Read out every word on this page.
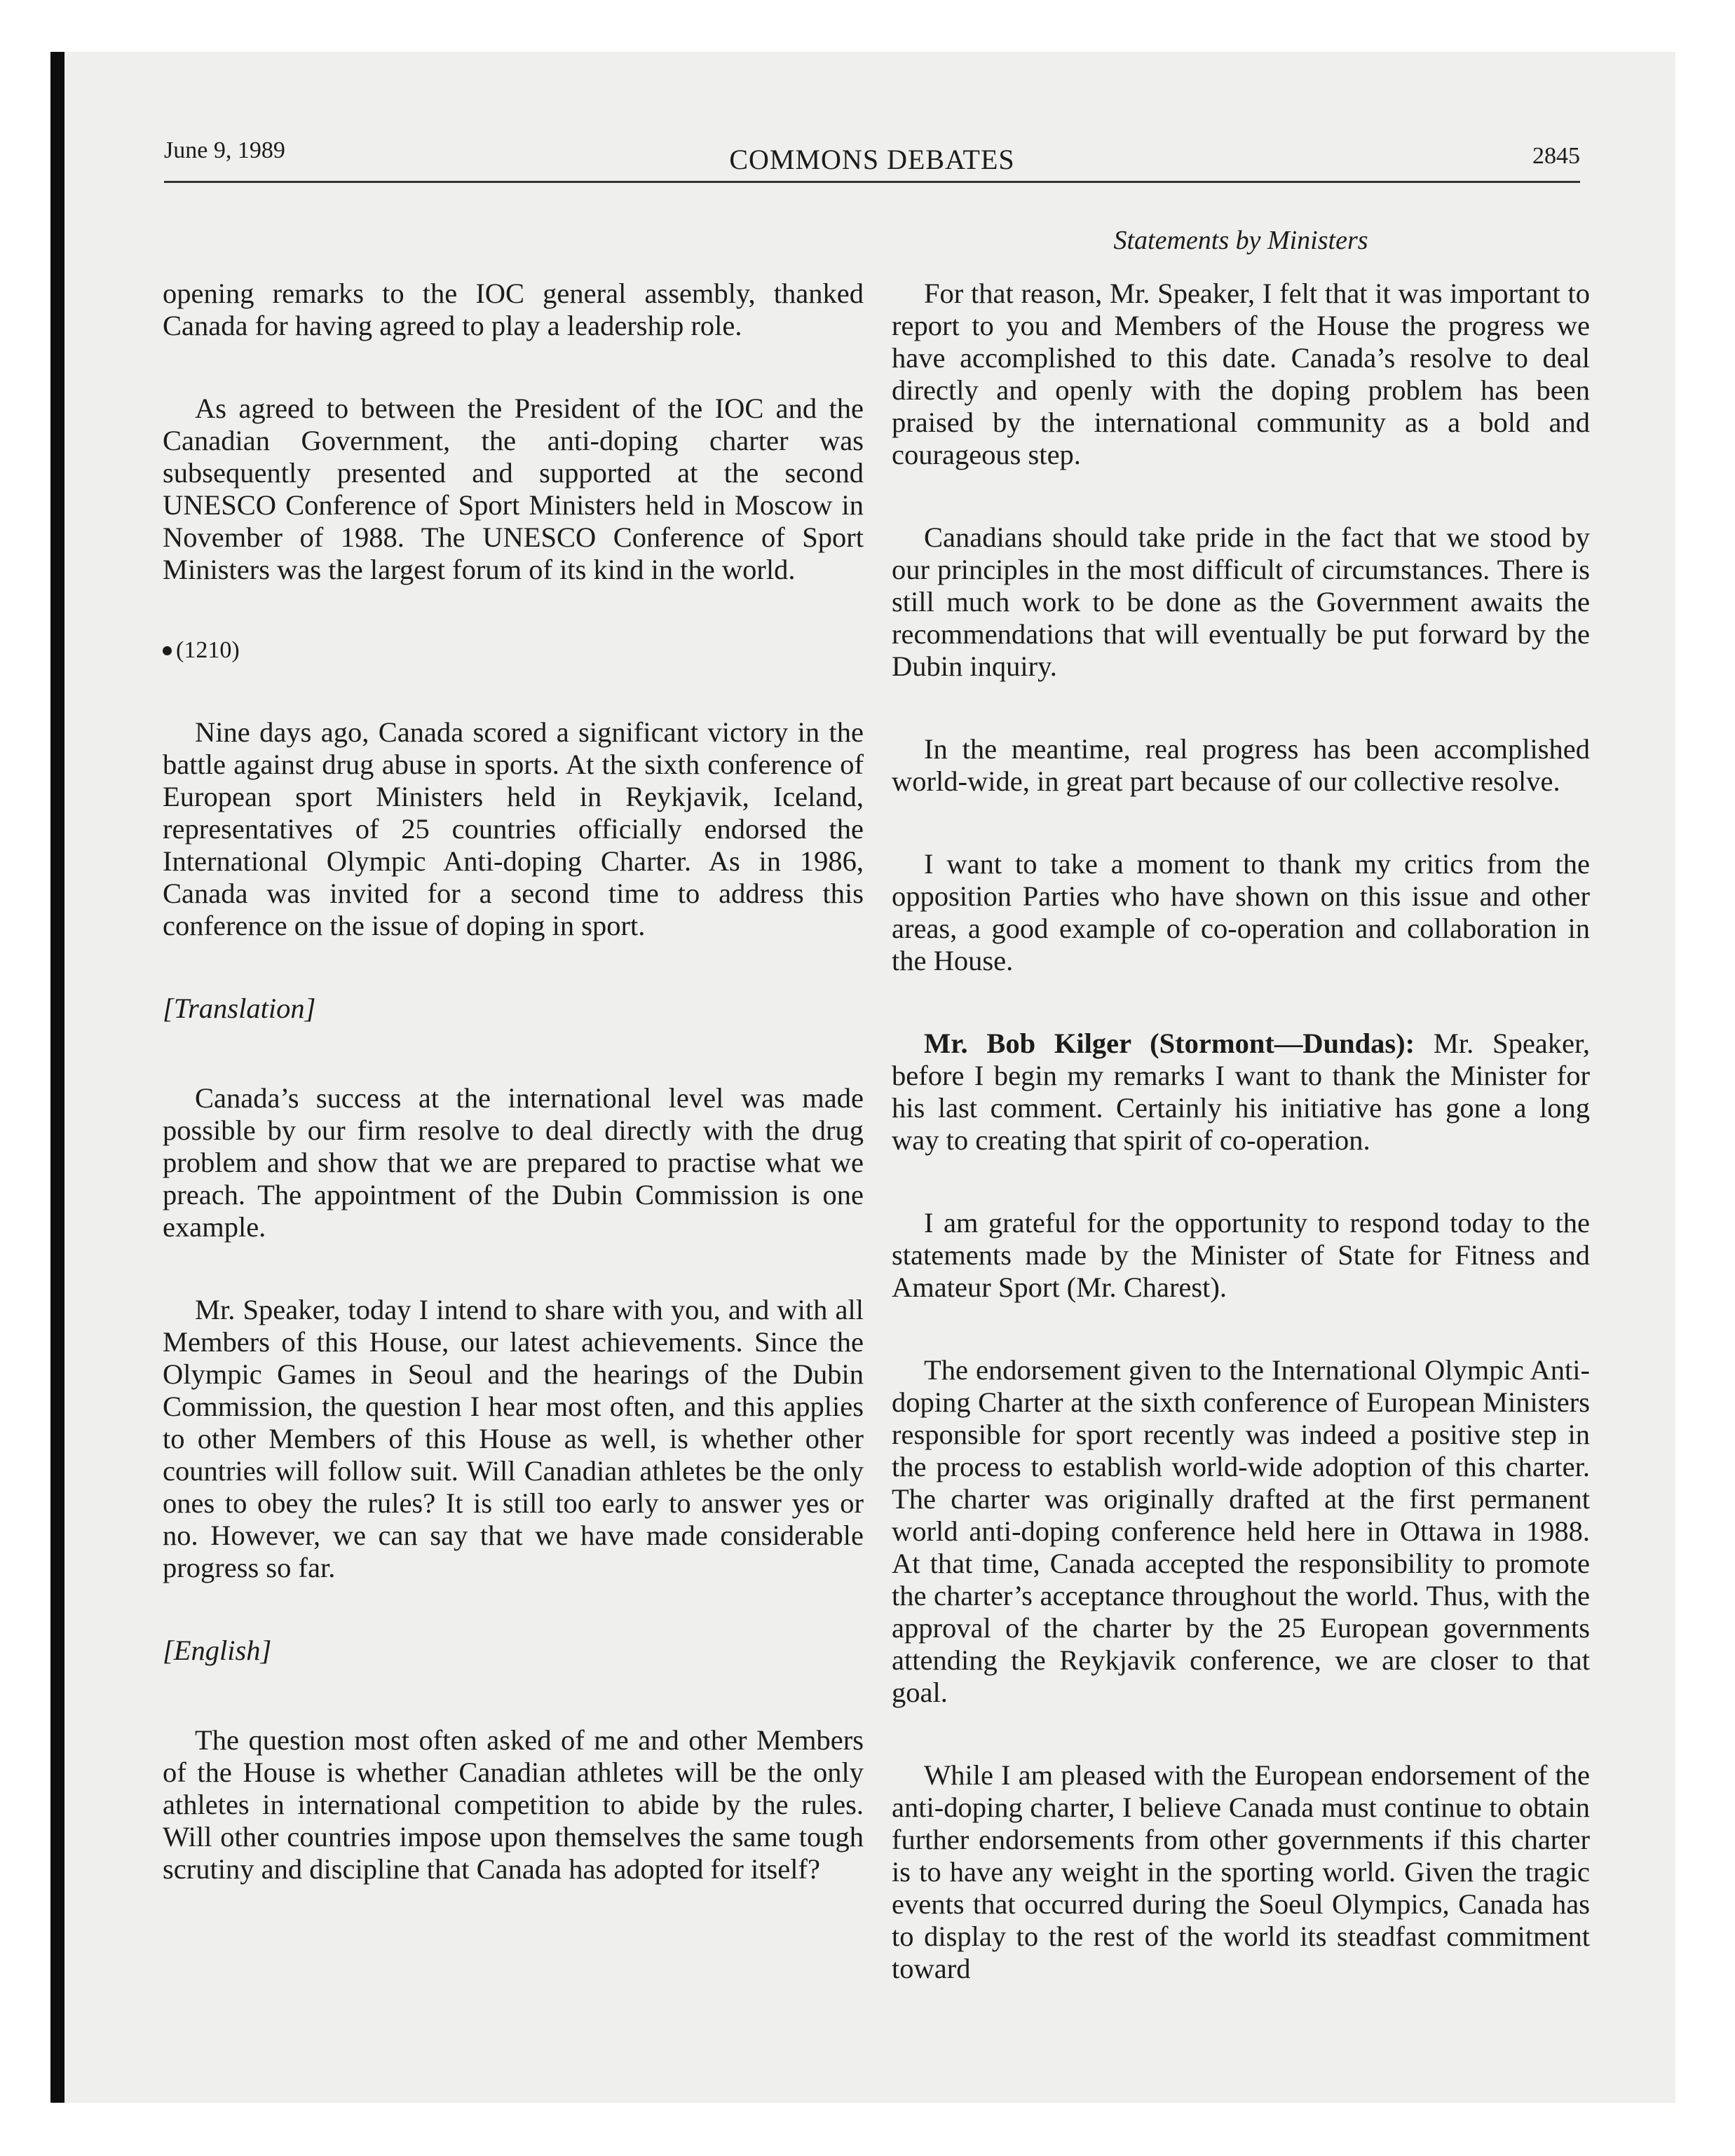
June 9, 1989	COMMONS DEBATES	2845

opening remarks to the IOC general assembly, thanked Canada for having agreed to play a leadership role.

As agreed to between the President of the IOC and the Canadian Government, the anti-doping charter was subsequently presented and supported at the second UNESCO Conference of Sport Ministers held in Moscow in November of 1988. The UNESCO Conference of Sport Ministers was the largest forum of its kind in the world.

(1210)

Nine days ago, Canada scored a significant victory in the battle against drug abuse in sports. At the sixth conference of European sport Ministers held in Reykjavik, Iceland, representatives of 25 countries officially endorsed the International Olympic Anti-doping Charter. As in 1986, Canada was invited for a second time to address this conference on the issue of doping in sport.

[Translation]

Canada’s success at the international level was made possible by our firm resolve to deal directly with the drug problem and show that we are prepared to practise what we preach. The appointment of the Dubin Commission is one example.

Mr. Speaker, today I intend to share with you, and with all Members of this House, our latest achievements. Since the Olympic Games in Seoul and the hearings of the Dubin Commission, the question I hear most often, and this applies to other Members of this House as well, is whether other countries will follow suit. Will Canadian athletes be the only ones to obey the rules? It is still too early to answer yes or no. However, we can say that we have made considerable progress so far.

[English]

The question most often asked of me and other Members of the House is whether Canadian athletes will be the only athletes in international competition to abide by the rules. Will other countries impose upon themselves the same tough scrutiny and discipline that Canada has adopted for itself?

Statements by Ministers

For that reason, Mr. Speaker, I felt that it was important to report to you and Members of the House the progress we have accomplished to this date. Canada’s resolve to deal directly and openly with the doping problem has been praised by the international community as a bold and courageous step.

Canadians should take pride in the fact that we stood by our principles in the most difficult of circumstances. There is still much work to be done as the Government awaits the recommendations that will eventually be put forward by the Dubin inquiry.

In the meantime, real progress has been accomplished world-wide, in great part because of our collective resolve.

I want to take a moment to thank my critics from the opposition Parties who have shown on this issue and other areas, a good example of co-operation and collaboration in the House.

Mr. Bob Kilger (Stormont—Dundas): Mr. Speaker, before I begin my remarks I want to thank the Minister for his last comment. Certainly his initiative has gone a long way to creating that spirit of co-operation.

I am grateful for the opportunity to respond today to the statements made by the Minister of State for Fitness and Amateur Sport (Mr. Charest).

The endorsement given to the International Olympic Anti-doping Charter at the sixth conference of European Ministers responsible for sport recently was indeed a positive step in the process to establish world-wide adoption of this charter. The charter was originally drafted at the first permanent world anti-doping conference held here in Ottawa in 1988. At that time, Canada accepted the responsibility to promote the charter’s acceptance throughout the world. Thus, with the approval of the charter by the 25 European governments attending the Reykjavik conference, we are closer to that goal.

While I am pleased with the European endorsement of the anti-doping charter, I believe Canada must continue to obtain further endorsements from other governments if this charter is to have any weight in the sporting world. Given the tragic events that occurred during the Soeul Olympics, Canada has to display to the rest of the world its steadfast commitment toward
